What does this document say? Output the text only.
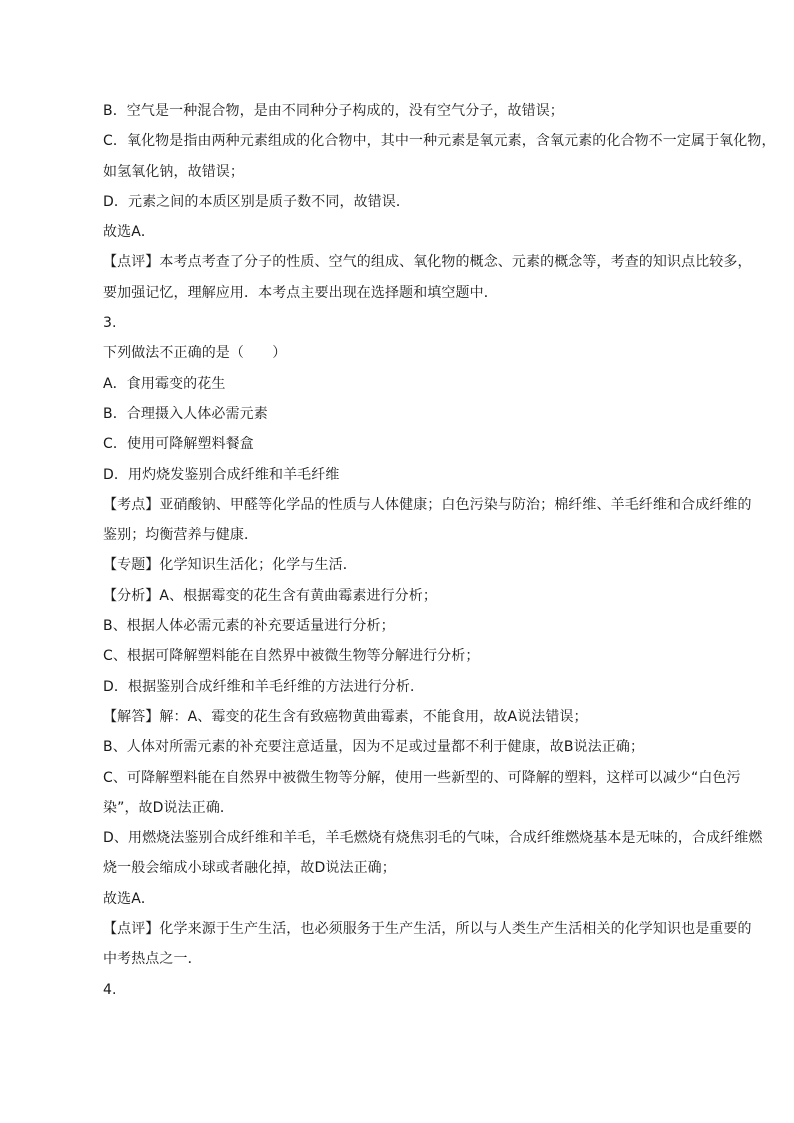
B．空气是一种混合物，是由不同种分子构成的，没有空气分子，故错误；
C．氧化物是指由两种元素组成的化合物中，其中一种元素是氧元素，含氧元素的化合物不一定属于氧化物，
如氢氧化钠，故错误；
D．元素之间的本质区别是质子数不同，故错误．
故选A．
【点评】本考点考查了分子的性质、空气的组成、氧化物的概念、元素的概念等，考查的知识点比较多，
要加强记忆，理解应用．本考点主要出现在选择题和填空题中．
3.
下列做法不正确的是（　　）
A．食用霉变的花生
B．合理摄入人体必需元素
C．使用可降解塑料餐盒
D．用灼烧发鉴别合成纤维和羊毛纤维
【考点】亚硝酸钠、甲醛等化学品的性质与人体健康；白色污染与防治；棉纤维、羊毛纤维和合成纤维的
鉴别；均衡营养与健康．
【专题】化学知识生活化；化学与生活．
【分析】A、根据霉变的花生含有黄曲霉素进行分析；
B、根据人体必需元素的补充要适量进行分析；
C、根据可降解塑料能在自然界中被微生物等分解进行分析；
D．根据鉴别合成纤维和羊毛纤维的方法进行分析．
【解答】解：A、霉变的花生含有致癌物黄曲霉素，不能食用，故A说法错误；
B、人体对所需元素的补充要注意适量，因为不足或过量都不利于健康，故B说法正确；
C、可降解塑料能在自然界中被微生物等分解，使用一些新型的、可降解的塑料，这样可以减少“白色污
染”，故D说法正确．
D、用燃烧法鉴别合成纤维和羊毛，羊毛燃烧有烧焦羽毛的气味，合成纤维燃烧基本是无味的，合成纤维燃
烧一般会缩成小球或者融化掉，故D说法正确；
故选A．
【点评】化学来源于生产生活，也必须服务于生产生活，所以与人类生产生活相关的化学知识也是重要的
中考热点之一．
4.
